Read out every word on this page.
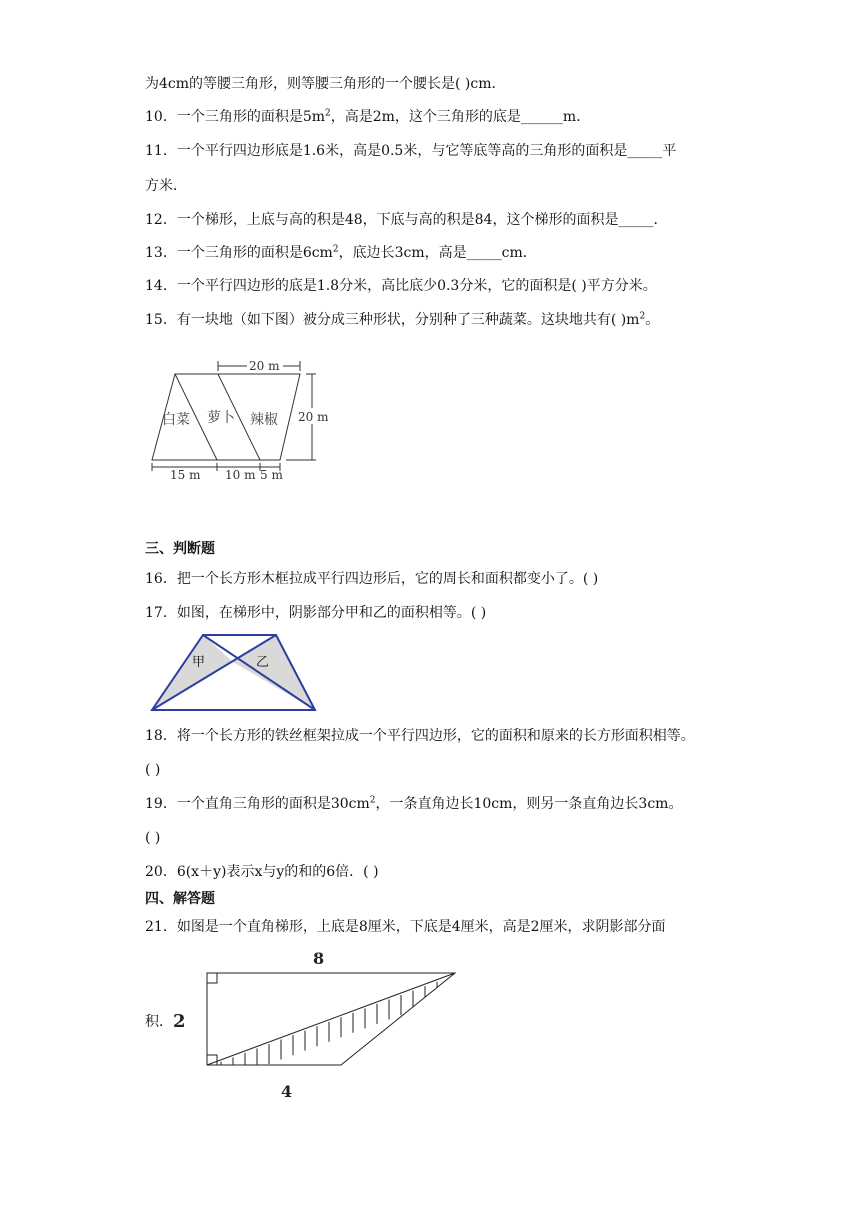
为4cm的等腰三角形，则等腰三角形的一个腰长是( )cm．
10．一个三角形的面积是$5m^2$，高是2m，这个三角形的底是______m．
11．一个平行四边形底是1.6米，高是0.5米，与它等底等高的三角形的面积是_____平
方米．
12．一个梯形，上底与高的积是48，下底与高的积是84，这个梯形的面积是_____．
13．一个三角形的面积是$6cm^2$，底边长3cm，高是_____cm．
14．一个平行四边形的底是1.8分米，高比底少0.3分米，它的面积是( )平方分米。
15．有一块地（如下图）被分成三种形状，分别种了三种蔬菜。这块地共有( )$m^2$。
20 m
20 m
白菜 萝卜 辣椒
15 m 10 m 5 m
三、判断题
16．把一个长方形木框拉成平行四边形后，它的周长和面积都变小了。( )
17．如图，在梯形中，阴影部分甲和乙的面积相等。( )
甲	乙
18．将一个长方形的铁丝框架拉成一个平行四边形，它的面积和原来的长方形面积相等。
( )
19．一个直角三角形的面积是$30cm^2$，一条直角边长10cm，则另一条直角边长3cm。
( )
20．6(x＋y)表示x与y的和的6倍．( )
四、解答题
21．如图是一个直角梯形，上底是8厘米，下底是4厘米，高是2厘米，求阴影部分面
积．
8
2
4
